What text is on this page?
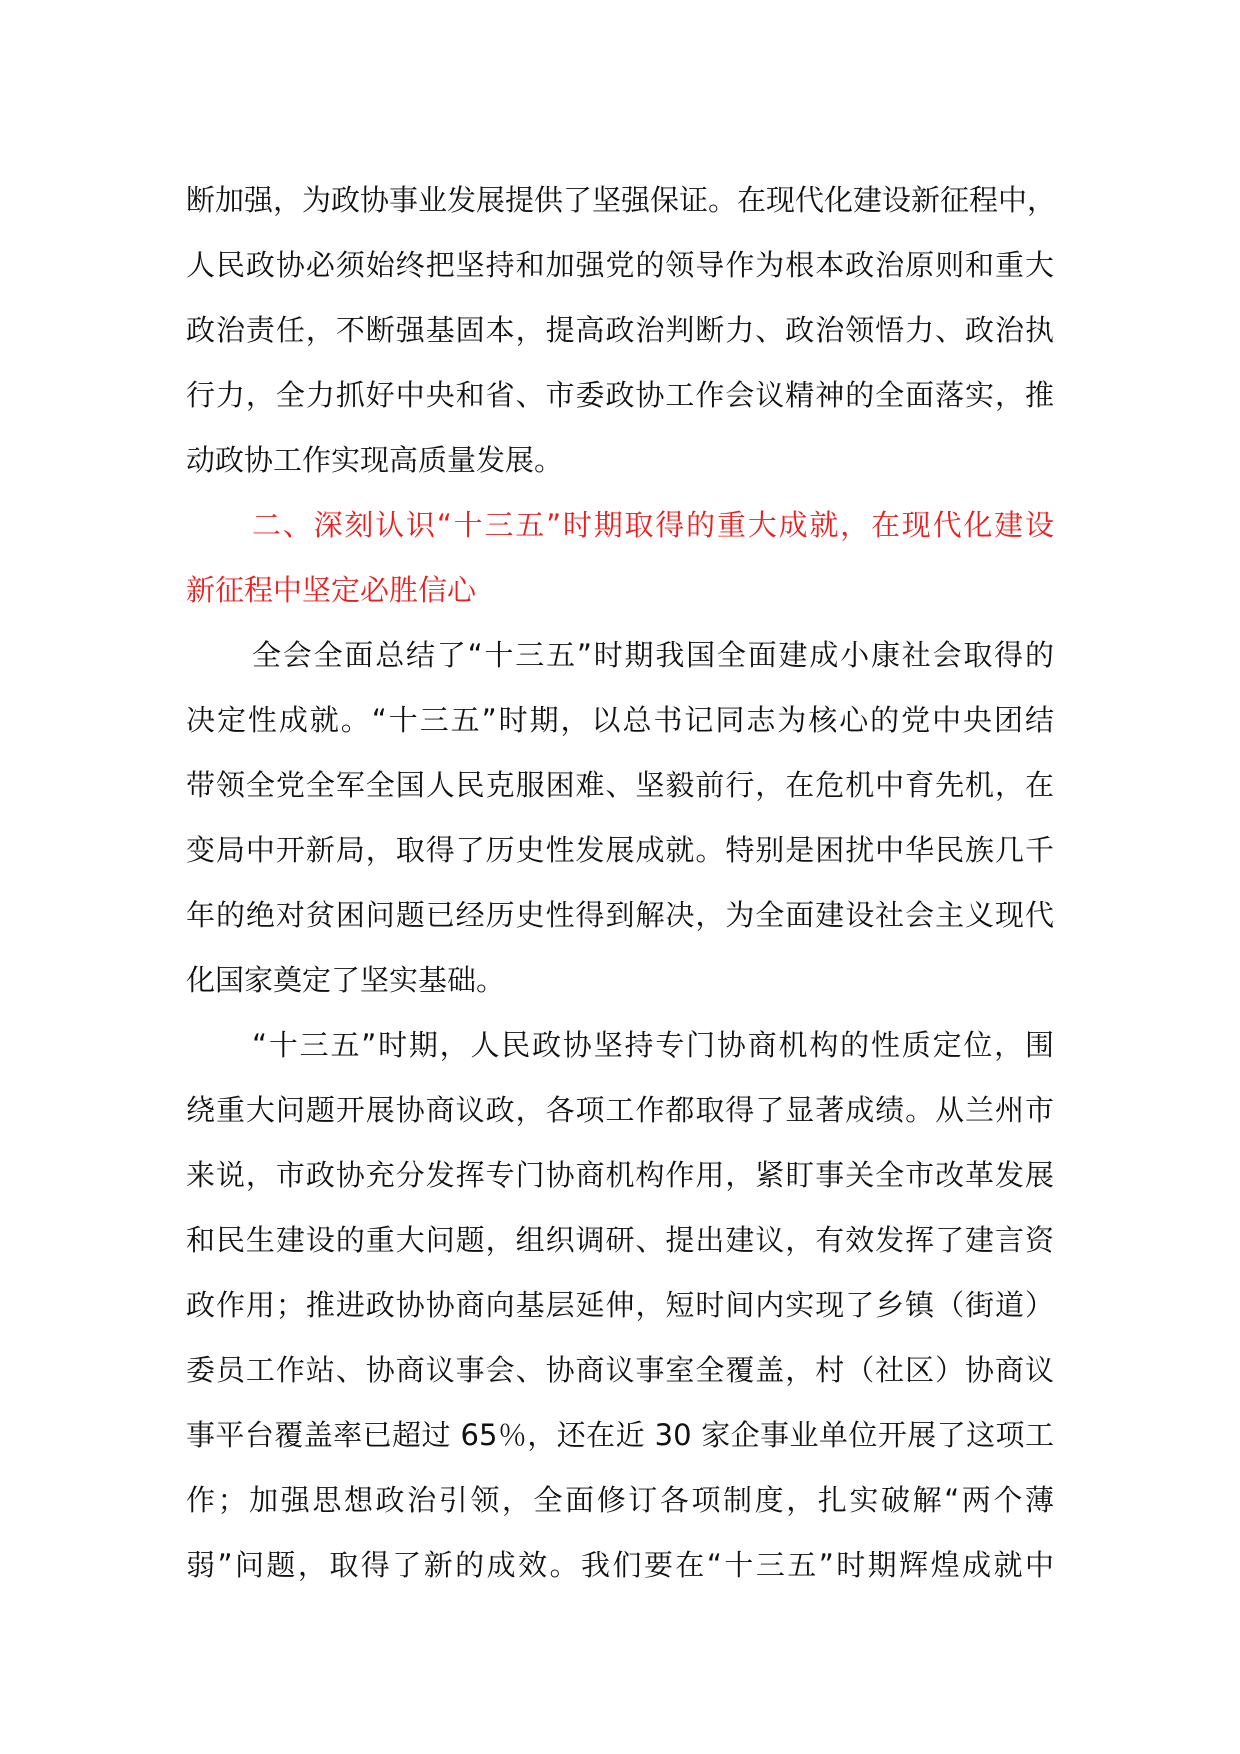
断加强，为政协事业发展提供了坚强保证。在现代化建设新征程中，
人民政协必须始终把坚持和加强党的领导作为根本政治原则和重大
政治责任，不断强基固本，提高政治判断力、政治领悟力、政治执
行力，全力抓好中央和省、市委政协工作会议精神的全面落实，推
动政协工作实现高质量发展。
二、深刻认识“十三五”时期取得的重大成就，在现代化建设
新征程中坚定必胜信心
全会全面总结了“十三五”时期我国全面建成小康社会取得的
决定性成就。“十三五”时期，以总书记同志为核心的党中央团结
带领全党全军全国人民克服困难、坚毅前行，在危机中育先机，在
变局中开新局，取得了历史性发展成就。特别是困扰中华民族几千
年的绝对贫困问题已经历史性得到解决，为全面建设社会主义现代
化国家奠定了坚实基础。
“十三五”时期，人民政协坚持专门协商机构的性质定位，围
绕重大问题开展协商议政，各项工作都取得了显著成绩。从兰州市
来说，市政协充分发挥专门协商机构作用，紧盯事关全市改革发展
和民生建设的重大问题，组织调研、提出建议，有效发挥了建言资
政作用；推进政协协商向基层延伸，短时间内实现了乡镇（街道）
委员工作站、协商议事会、协商议事室全覆盖，村（社区）协商议
事平台覆盖率已超过 65％，还在近 30 家企事业单位开展了这项工
作；加强思想政治引领，全面修订各项制度，扎实破解“两个薄
弱”问题，取得了新的成效。我们要在“十三五”时期辉煌成就中
